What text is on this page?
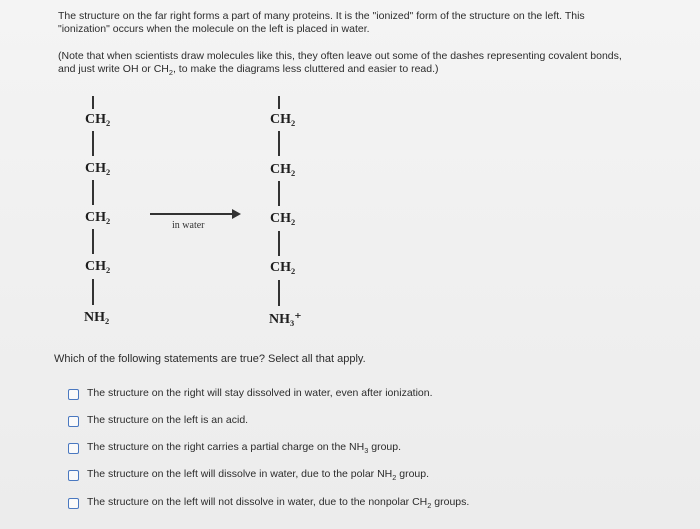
The structure on the far right forms a part of many proteins. It is the "ionized" form of the structure on the left. This

"ionization" occurs when the molecule on the left is placed in water.

(Note that when scientists draw molecules like this, they often leave out some of the dashes representing covalent bonds,
and just write OH or $CH_2$, to make the diagrams less cluttered and easier to read.)
CH₂
CH₂
CH₂
CH₂
NH₂
in water
CH₂
CH₂
CH₂
CH₂
NH₃⁺
Which of the following statements are true? Select all that apply.
The structure on the right will stay dissolved in water, even after ionization.
The structure on the left is an acid.
The structure on the right carries a partial charge on the $NH_3$ group.
The structure on the left will dissolve in water, due to the polar $NH_2$ group.
The structure on the left will not dissolve in water, due to the nonpolar $CH_2$ groups.
